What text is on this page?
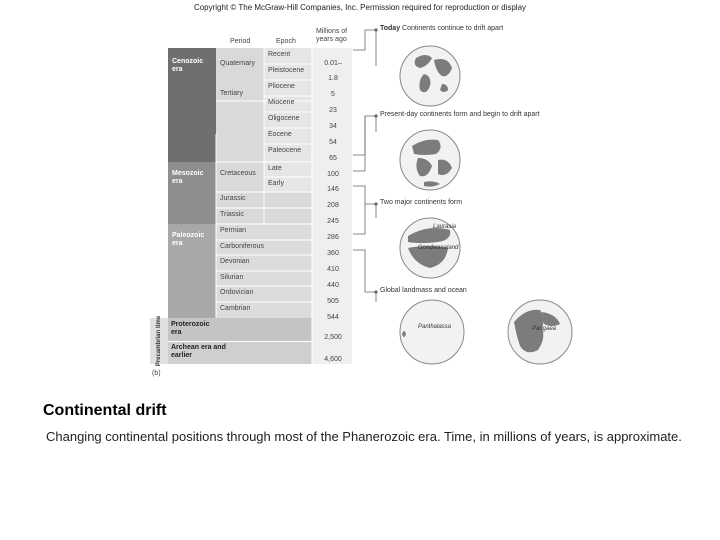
Copyright © The McGraw-Hill Companies, Inc. Permission required for reproduction or display
Period	Epoch
Millions of years ago
Cenozoic era
Mesozoic era
Paleozoic era
Precambrian time Proterozoic era
Archean era and earlier
Quaternary
Tertiary
Cretaceous
Jurassic
Triassic
Permian
Carboniferous
Devonian
Silurian
Ordovician
Cambrian
Recent
Pleistocene
Pliocene
Miocene
Oligocene
Eocene
Paleocene
Late
Early
0.01–
1.8
5
23
34
54
65
100
146
208
245
286
360
410
440
505
544
2,500
4,600
(b)
Today Continents continue to drift apart
Present-day continents form and begin to drift apart
Two major continents form
Global landmass and ocean
Laurasia
Gondwanaland
Panthalassa	Pangaea
Continental drift
Changing continental positions through most of the Phanerozoic era. Time, in millions of years, is approximate.
